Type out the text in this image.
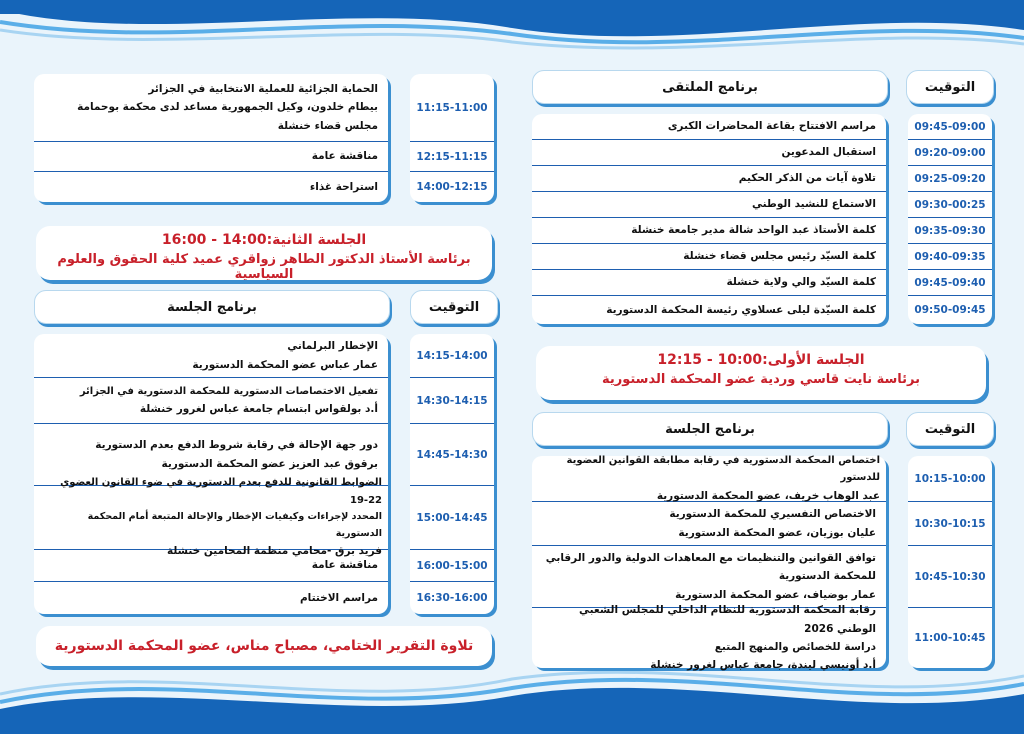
التوقيت
برنامج الملتقى
09:45-09:00
09:20-09:00
09:25-09:20
09:30-00:25
09:35-09:30
09:40-09:35
09:45-09:40
09:50-09:45
مراسم الافتتاح بقاعة المحاضرات الكبرى
استقبال المدعوين
تلاوة آيات من الذكر الحكيم
الاستماع للنشيد الوطني
كلمة الأستاذ عبد الواحد شالة مدير جامعة خنشلة
كلمة السيّد رئيس مجلس قضاء خنشلة
كلمة السيّد والي ولاية خنشلة
كلمة السيّدة ليلى عسلاوي رئيسة المحكمة الدستورية
الجلسة الأولى:10:00 - 12:15
برئاسة نايت قاسي وردية عضو المحكمة الدستورية
التوقيت
برنامج الجلسة
10:15-10:00
10:30-10:15
10:45-10:30
11:00-10:45
اختصاص المحكمة الدستورية في رقابة مطابقة القوانين العضوية للدستور
عبد الوهاب خريف، عضو المحكمة الدستورية
الاختصاص التفسيري للمحكمة الدستورية
عليان بوزيان، عضو المحكمة الدستورية
توافق القوانين والتنظيمات مع المعاهدات الدولية والدور الرقابي
للمحكمة الدستورية
عمار بوضياف، عضو المحكمة الدستورية
رقابة المحكمة الدستورية للنظام الداخلي للمجلس الشعبي الوطني 2026
دراسة للخصائص والمنهج المتبع
أ.د أونيسي ليندة، جامعة عباس لغرور خنشلة
11:15-11:00
12:15-11:15
14:00-12:15
الحماية الجزائية للعملية الانتخابية في الجزائر
بيطام خلدون، وكيل الجمهورية مساعد لدى محكمة بوحمامة
مجلس قضاء خنشلة
مناقشة عامة
استراحة غذاء
الجلسة الثانية:14:00 - 16:00
برئاسة الأستاذ الدكتور الطاهر زواقري عميد كلية الحقوق والعلوم السياسية
التوقيت
برنامج الجلسة
14:15-14:00
14:30-14:15
14:45-14:30
15:00-14:45
16:00-15:00
16:30-16:00
الإخطار البرلماني
عمار عباس عضو المحكمة الدستورية
تفعيل الاختصاصات الدستورية للمحكمة الدستورية في الجزائر
أ.د بولقواس ابتسام جامعة عباس لغرور خنشلة
دور جهة الإحالة في رقابة شروط الدفع بعدم الدستورية
برقوق عبد العزيز عضو المحكمة الدستورية
الضوابط القانونية للدفع بعدم الدستورية في ضوء القانون العضوي 22-19
المحدد لإجراءات وكيفيات الإخطار والإحالة المتبعة أمام المحكمة الدستورية
فريد برق -محامي منظمة المحامين خنشلة
مناقشة عامة
مراسم الاختتام
تلاوة التقرير الختامي، مصباح مناس، عضو المحكمة الدستورية
